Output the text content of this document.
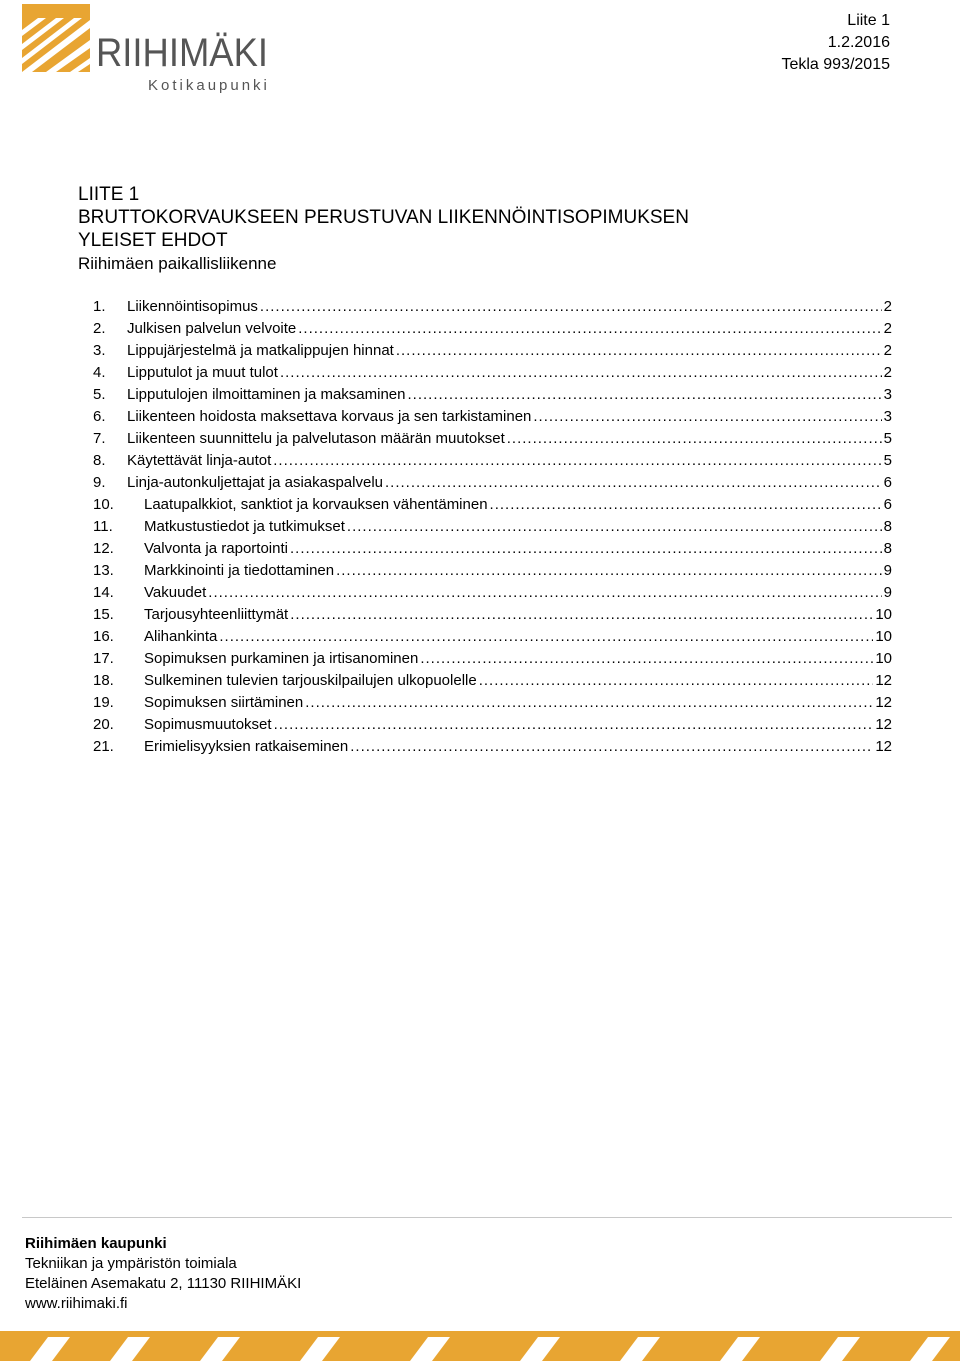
RIIHIMÄKI
Kotikaupunki
Liite 1
1.2.2016
Tekla 993/2015
LIITE 1
BRUTTOKORVAUKSEEN PERUSTUVAN LIIKENNÖINTISOPIMUKSEN
YLEISET EHDOT
Riihimäen paikallisliikenne
1.	Liikennöintisopimus .....	2
2.	Julkisen palvelun velvoite .....	2
3.	Lippujärjestelmä ja matkalippujen hinnat .....	2
4.	Lipputulot ja muut tulot .....	2
5.	Lipputulojen ilmoittaminen ja maksaminen .....	3
6.	Liikenteen hoidosta maksettava korvaus ja sen tarkistaminen .....	3
7.	Liikenteen suunnittelu ja palvelutason määrän muutokset .....	5
8.	Käytettävät linja-autot .....	5
9.	Linja-autonkuljettajat ja asiakaspalvelu .....	6
10.	Laatupalkkiot, sanktiot ja korvauksen vähentäminen .....	6
11.	Matkustustiedot ja tutkimukset .....	8
12.	Valvonta ja raportointi .....	8
13.	Markkinointi ja tiedottaminen .....	9
14.	Vakuudet .....	9
15.	Tarjousyhteenliittymät .....	10
16.	Alihankinta .....	10
17.	Sopimuksen purkaminen ja irtisanominen .....	10
18.	Sulkeminen tulevien tarjouskilpailujen ulkopuolelle .....	12
19.	Sopimuksen siirtäminen .....	12
20.	Sopimusmuutokset .....	12
21.	Erimielisyyksien ratkaiseminen .....	12
Riihimäen kaupunki
Tekniikan ja ympäristön toimiala
Eteläinen Asemakatu 2, 11130 RIIHIMÄKI
www.riihimaki.fi
